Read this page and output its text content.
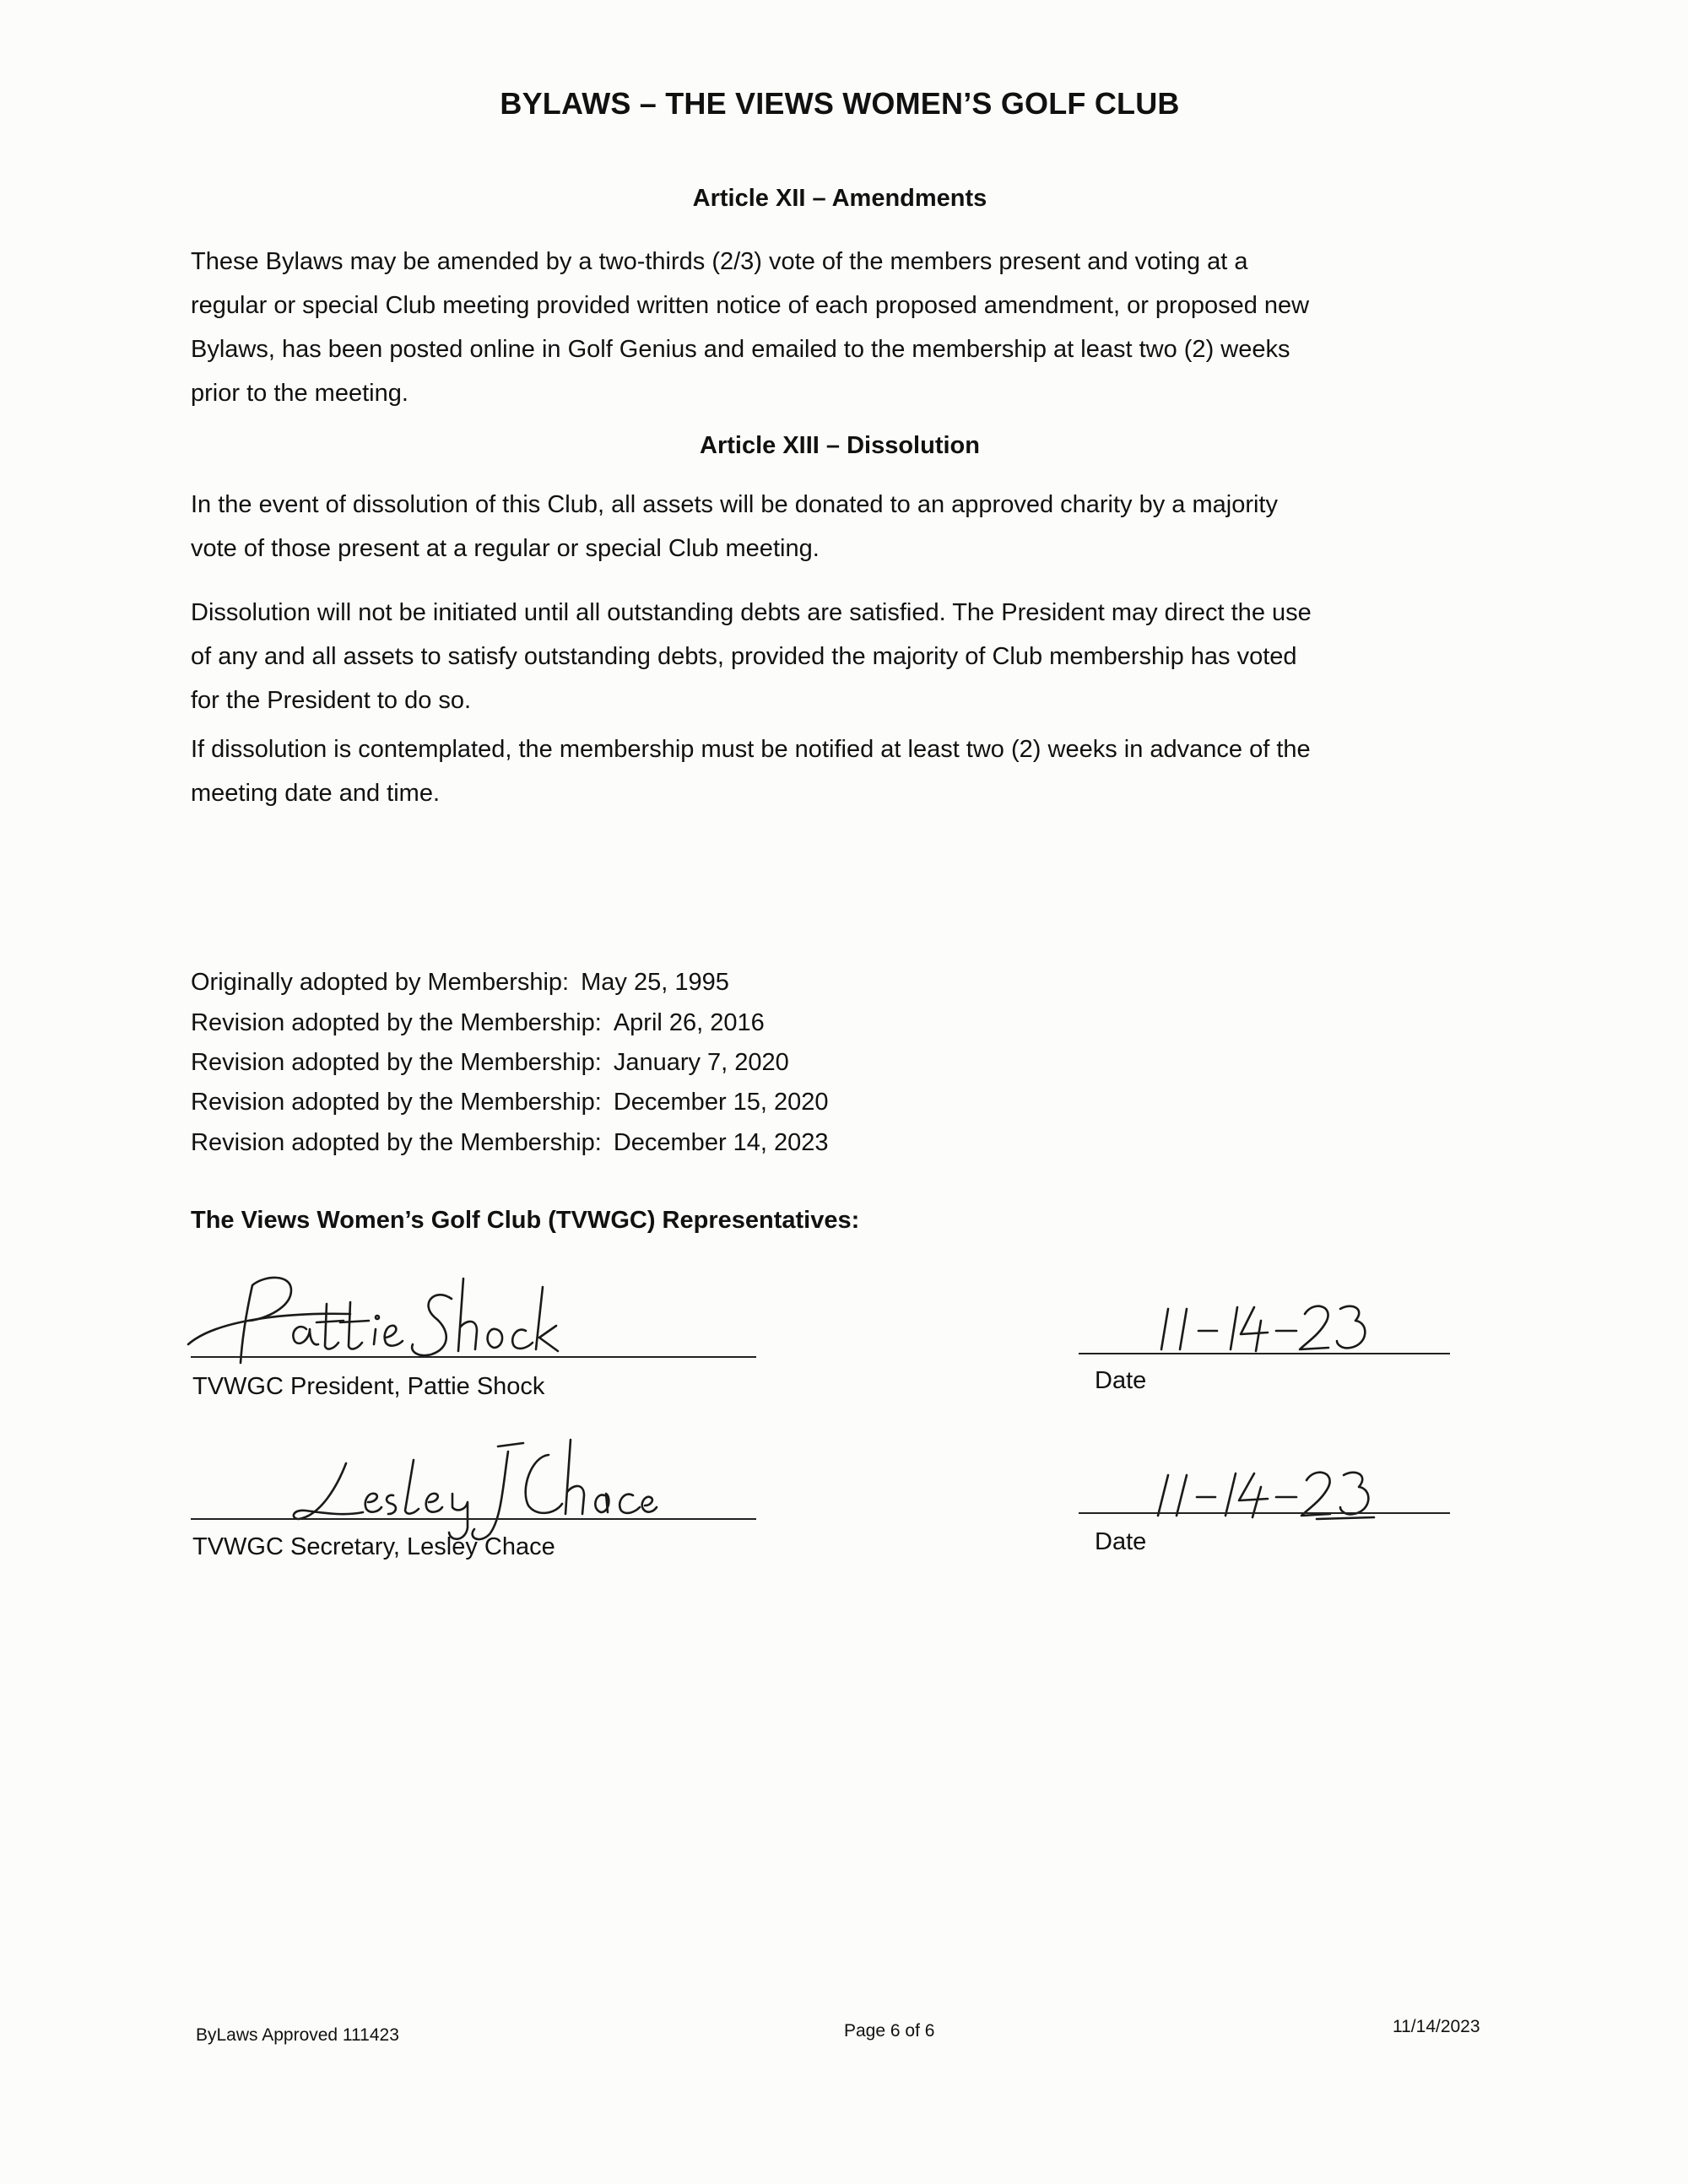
BYLAWS – THE VIEWS WOMEN’S GOLF CLUB
Article XII – Amendments
These Bylaws may be amended by a two-thirds (2/3) vote of the members present and voting at a
regular or special Club meeting provided written notice of each proposed amendment, or proposed new
Bylaws, has been posted online in Golf Genius and emailed to the membership at least two (2) weeks
prior to the meeting.
Article XIII – Dissolution
In the event of dissolution of this Club, all assets will be donated to an approved charity by a majority
vote of those present at a regular or special Club meeting.
Dissolution will not be initiated until all outstanding debts are satisfied. The President may direct the use
of any and all assets to satisfy outstanding debts, provided the majority of Club membership has voted
for the President to do so.
If dissolution is contemplated, the membership must be notified at least two (2) weeks in advance of the
meeting date and time.
Originally adopted by Membership: May 25, 1995
Revision adopted by the Membership: April 26, 2016
Revision adopted by the Membership: January 7, 2020
Revision adopted by the Membership: December 15, 2020
Revision adopted by the Membership: December 14, 2023
The Views Women’s Golf Club (TVWGC) Representatives:
TVWGC President, Pattie Shock	Date
TVWGC Secretary, Lesley Chace	Date
ByLaws Approved 111423	Page 6 of 6	11/14/2023
